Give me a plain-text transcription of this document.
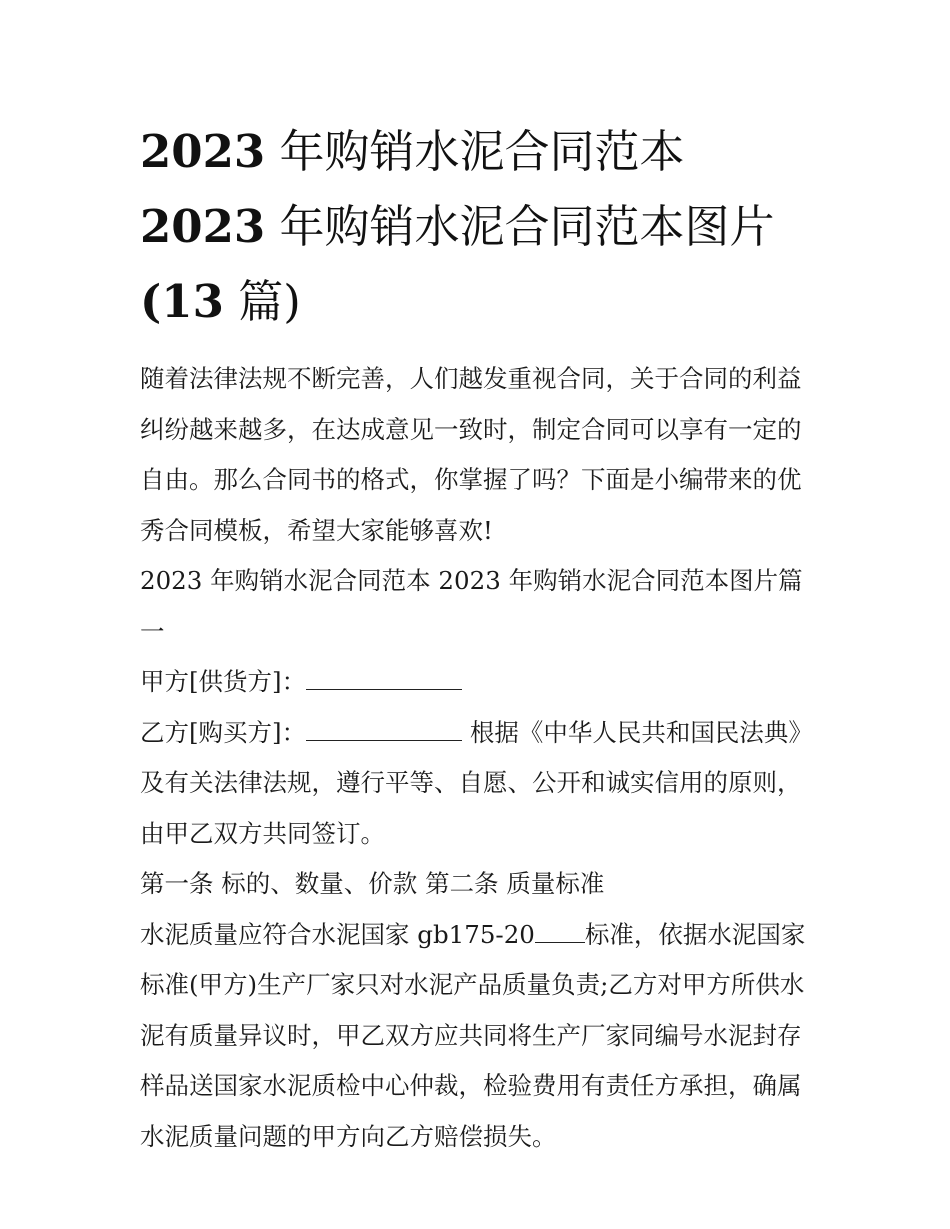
2023 年购销水泥合同范本
2023 年购销水泥合同范本图片
(13 篇)

随着法律法规不断完善，人们越发重视合同，关于合同的利益纠纷越来越多，在达成意见一致时，制定合同可以享有一定的自由。那么合同书的格式，你掌握了吗？下面是小编带来的优秀合同模板，希望大家能够喜欢!

2023 年购销水泥合同范本 2023 年购销水泥合同范本图片篇一

甲方[供货方]：

乙方[购买方]：	根据《中华人民共和国民法典》及有关法律法规，遵行平等、自愿、公开和诚实信用的原则，由甲乙双方共同签订。

第一条 标的、数量、价款 第二条 质量标准

水泥质量应符合水泥国家 gb175-20 标准，依据水泥国家标准(甲方)生产厂家只对水泥产品质量负责;乙方对甲方所供水泥有质量异议时，甲乙双方应共同将生产厂家同编号水泥封存样品送国家水泥质检中心仲裁，检验费用有责任方承担，确属水泥质量问题的甲方向乙方赔偿损失。
